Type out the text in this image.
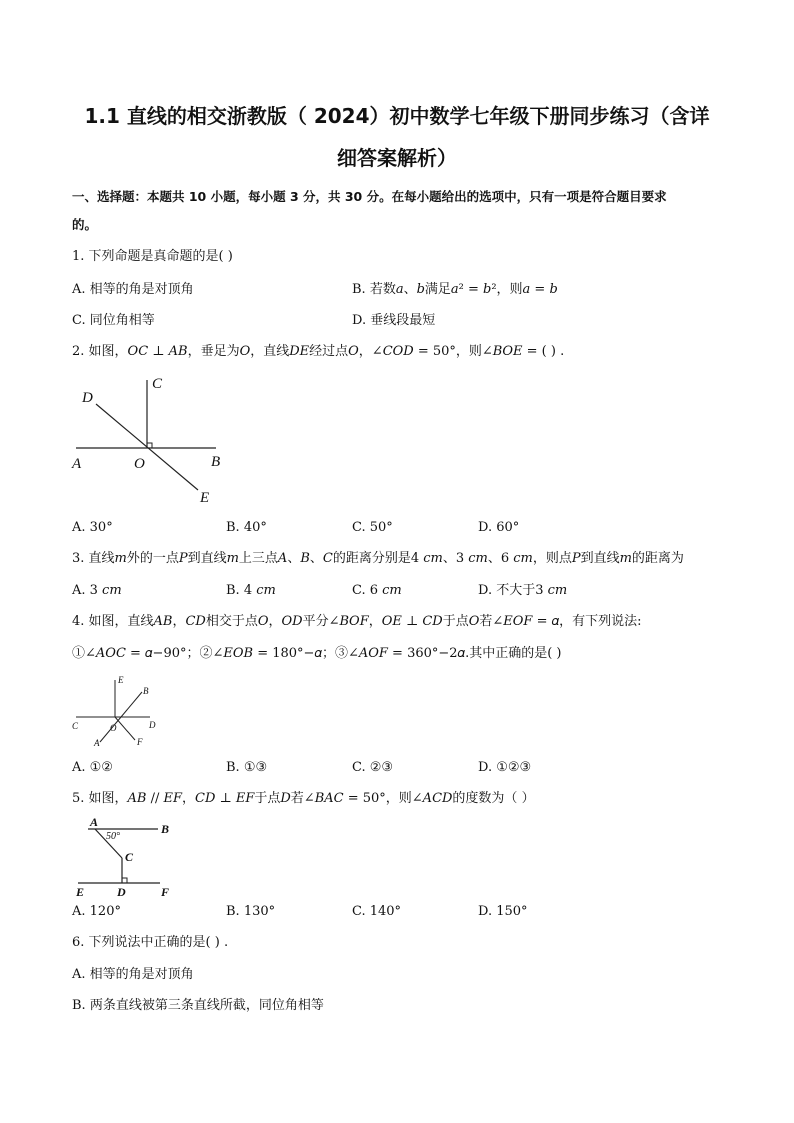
1.1 直线的相交浙教版（ 2024）初中数学七年级下册同步练习（含详
细答案解析）
一、选择题：本题共 10 小题，每小题 3 分，共 30 分。在每小题给出的选项中，只有一项是符合题目要求
的。
1. 下列命题是真命题的是( )
A. 相等的角是对顶角	B. 若数𝑎、𝑏满足𝑎² = 𝑏²，则𝑎 = 𝑏
C. 同位角相等	D. 垂线段最短
2. 如图，𝑂𝐶 ⊥ 𝐴𝐵，垂足为𝑂，直线𝐷𝐸经过点𝑂，∠𝐶𝑂𝐷 = 50°，则∠𝐵𝑂𝐸 = ( ) .
C
D
A	O	B
E
A. 30°	B. 40°	C. 50°	D. 60°
3. 直线𝑚外的一点𝑃到直线𝑚上三点𝐴、𝐵、𝐶的距离分别是4 𝑐𝑚、3 𝑐𝑚、6 𝑐𝑚，则点𝑃到直线𝑚的距离为
A. 3 𝑐𝑚	B. 4 𝑐𝑚	C. 6 𝑐𝑚	D. 不大于3 𝑐𝑚
4. 如图，直线𝐴𝐵，𝐶𝐷相交于点𝑂，𝑂𝐷平分∠𝐵𝑂𝐹，𝑂𝐸 ⊥ 𝐶𝐷于点𝑂若∠𝐸𝑂𝐹 = 𝛼，有下列说法:
①∠𝐴𝑂𝐶 = 𝛼−90°；②∠𝐸𝑂𝐵 = 180°−𝛼；③∠𝐴𝑂𝐹 = 360°−2𝛼.其中正确的是( )
E
B
C	O	D
A	F
A. ①②	B. ①③	C. ②③	D. ①②③
5. 如图，𝐴𝐵 // 𝐸𝐹，𝐶𝐷 ⊥ 𝐸𝐹于点𝐷若∠𝐵𝐴𝐶 = 50°，则∠𝐴𝐶𝐷的度数为（ ）
A	B
50°
C
E	D	F
A. 120°	B. 130°	C. 140°	D. 150°
6. 下列说法中正确的是( ) .
A. 相等的角是对顶角
B. 两条直线被第三条直线所截，同位角相等
